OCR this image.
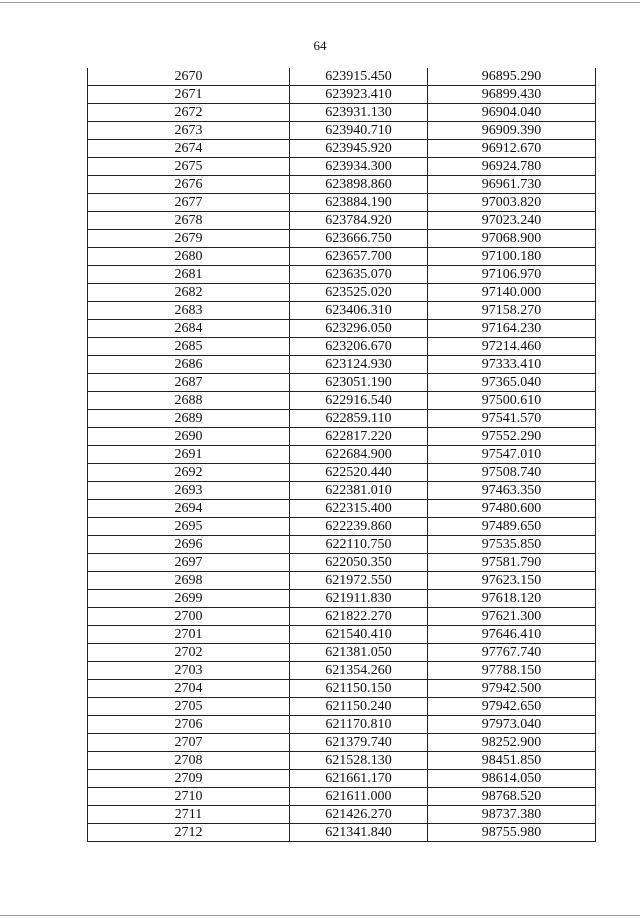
64
2670	623915.450	96895.290
2671	623923.410	96899.430
2672	623931.130	96904.040
2673	623940.710	96909.390
2674	623945.920	96912.670
2675	623934.300	96924.780
2676	623898.860	96961.730
2677	623884.190	97003.820
2678	623784.920	97023.240
2679	623666.750	97068.900
2680	623657.700	97100.180
2681	623635.070	97106.970
2682	623525.020	97140.000
2683	623406.310	97158.270
2684	623296.050	97164.230
2685	623206.670	97214.460
2686	623124.930	97333.410
2687	623051.190	97365.040
2688	622916.540	97500.610
2689	622859.110	97541.570
2690	622817.220	97552.290
2691	622684.900	97547.010
2692	622520.440	97508.740
2693	622381.010	97463.350
2694	622315.400	97480.600
2695	622239.860	97489.650
2696	622110.750	97535.850
2697	622050.350	97581.790
2698	621972.550	97623.150
2699	621911.830	97618.120
2700	621822.270	97621.300
2701	621540.410	97646.410
2702	621381.050	97767.740
2703	621354.260	97788.150
2704	621150.150	97942.500
2705	621150.240	97942.650
2706	621170.810	97973.040
2707	621379.740	98252.900
2708	621528.130	98451.850
2709	621661.170	98614.050
2710	621611.000	98768.520
2711	621426.270	98737.380
2712	621341.840	98755.980
